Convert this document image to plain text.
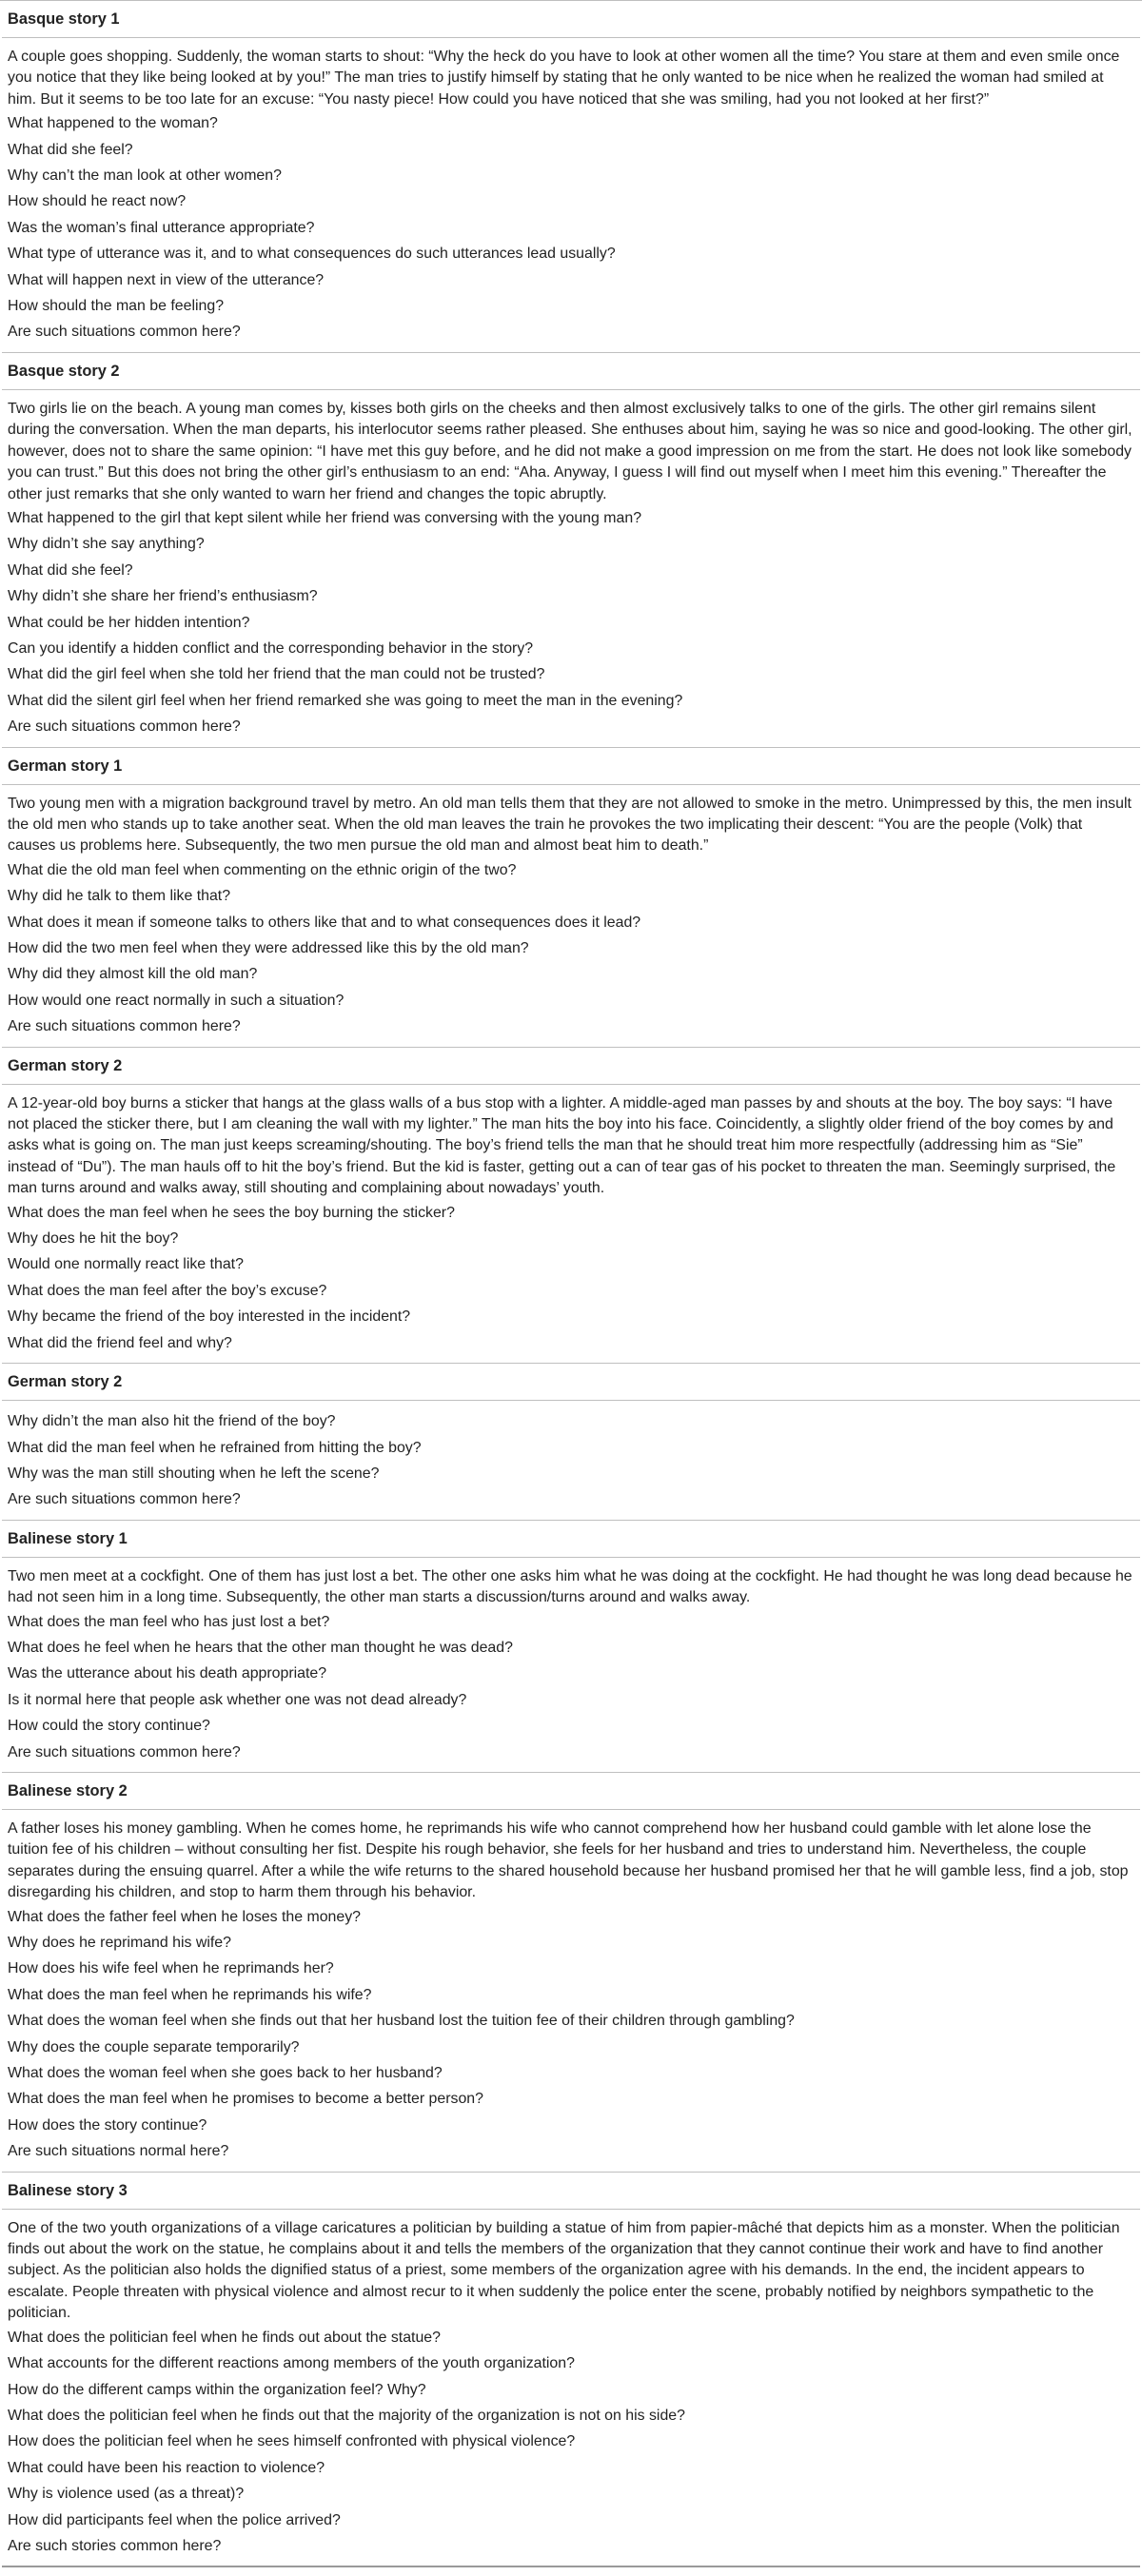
Basque story 1

A couple goes shopping. Suddenly, the woman starts to shout: “Why the heck do you have to look at other women all the time? You stare at them and even smile once you notice that they like being looked at by you!” The man tries to justify himself by stating that he only wanted to be nice when he realized the woman had smiled at him. But it seems to be too late for an excuse: “You nasty piece! How could you have noticed that she was smiling, had you not looked at her first?”

What happened to the woman?
What did she feel?
Why can’t the man look at other women?
How should he react now?
Was the woman’s final utterance appropriate?
What type of utterance was it, and to what consequences do such utterances lead usually?
What will happen next in view of the utterance?
How should the man be feeling?
Are such situations common here?
Basque story 2

Two girls lie on the beach. A young man comes by, kisses both girls on the cheeks and then almost exclusively talks to one of the girls. The other girl remains silent during the conversation. When the man departs, his interlocutor seems rather pleased. She enthuses about him, saying he was so nice and good-looking. The other girl, however, does not to share the same opinion: “I have met this guy before, and he did not make a good impression on me from the start. He does not look like somebody you can trust.” But this does not bring the other girl’s enthusiasm to an end: “Aha. Anyway, I guess I will find out myself when I meet him this evening.” Thereafter the other just remarks that she only wanted to warn her friend and changes the topic abruptly.

What happened to the girl that kept silent while her friend was conversing with the young man?
Why didn’t she say anything?
What did she feel?
Why didn’t she share her friend’s enthusiasm?
What could be her hidden intention?
Can you identify a hidden conflict and the corresponding behavior in the story?
What did the girl feel when she told her friend that the man could not be trusted?
What did the silent girl feel when her friend remarked she was going to meet the man in the evening?
Are such situations common here?
German story 1

Two young men with a migration background travel by metro. An old man tells them that they are not allowed to smoke in the metro. Unimpressed by this, the men insult the old men who stands up to take another seat. When the old man leaves the train he provokes the two implicating their descent: “You are the people (Volk) that causes us problems here. Subsequently, the two men pursue the old man and almost beat him to death.”

What die the old man feel when commenting on the ethnic origin of the two?
Why did he talk to them like that?
What does it mean if someone talks to others like that and to what consequences does it lead?
How did the two men feel when they were addressed like this by the old man?
Why did they almost kill the old man?
How would one react normally in such a situation?
Are such situations common here?
German story 2

A 12-year-old boy burns a sticker that hangs at the glass walls of a bus stop with a lighter. A middle-aged man passes by and shouts at the boy. The boy says: “I have not placed the sticker there, but I am cleaning the wall with my lighter.” The man hits the boy into his face. Coincidently, a slightly older friend of the boy comes by and asks what is going on. The man just keeps screaming/shouting. The boy’s friend tells the man that he should treat him more respectfully (addressing him as “Sie” instead of “Du”). The man hauls off to hit the boy’s friend. But the kid is faster, getting out a can of tear gas of his pocket to threaten the man. Seemingly surprised, the man turns around and walks away, still shouting and complaining about nowadays’ youth.

What does the man feel when he sees the boy burning the sticker?
Why does he hit the boy?
Would one normally react like that?
What does the man feel after the boy’s excuse?
Why became the friend of the boy interested in the incident?
What did the friend feel and why?
German story 2
Why didn’t the man also hit the friend of the boy?
What did the man feel when he refrained from hitting the boy?
Why was the man still shouting when he left the scene?
Are such situations common here?
Balinese story 1

Two men meet at a cockfight. One of them has just lost a bet. The other one asks him what he was doing at the cockfight. He had thought he was long dead because he had not seen him in a long time. Subsequently, the other man starts a discussion/turns around and walks away.

What does the man feel who has just lost a bet?
What does he feel when he hears that the other man thought he was dead?
Was the utterance about his death appropriate?
Is it normal here that people ask whether one was not dead already?
How could the story continue?
Are such situations common here?
Balinese story 2

A father loses his money gambling. When he comes home, he reprimands his wife who cannot comprehend how her husband could gamble with let alone lose the tuition fee of his children – without consulting her fist. Despite his rough behavior, she feels for her husband and tries to understand him. Nevertheless, the couple separates during the ensuing quarrel. After a while the wife returns to the shared household because her husband promised her that he will gamble less, find a job, stop disregarding his children, and stop to harm them through his behavior.

What does the father feel when he loses the money?
Why does he reprimand his wife?
How does his wife feel when he reprimands her?
What does the man feel when he reprimands his wife?
What does the woman feel when she finds out that her husband lost the tuition fee of their children through gambling?
Why does the couple separate temporarily?
What does the woman feel when she goes back to her husband?
What does the man feel when he promises to become a better person?
How does the story continue?
Are such situations normal here?
Balinese story 3

One of the two youth organizations of a village caricatures a politician by building a statue of him from papier-mâché that depicts him as a monster. When the politician finds out about the work on the statue, he complains about it and tells the members of the organization that they cannot continue their work and have to find another subject. As the politician also holds the dignified status of a priest, some members of the organization agree with his demands. In the end, the incident appears to escalate. People threaten with physical violence and almost recur to it when suddenly the police enter the scene, probably notified by neighbors sympathetic to the politician.

What does the politician feel when he finds out about the statue?
What accounts for the different reactions among members of the youth organization?
How do the different camps within the organization feel? Why?
What does the politician feel when he finds out that the majority of the organization is not on his side?
How does the politician feel when he sees himself confronted with physical violence?
What could have been his reaction to violence?
Why is violence used (as a threat)?
How did participants feel when the police arrived?
Are such stories common here?
